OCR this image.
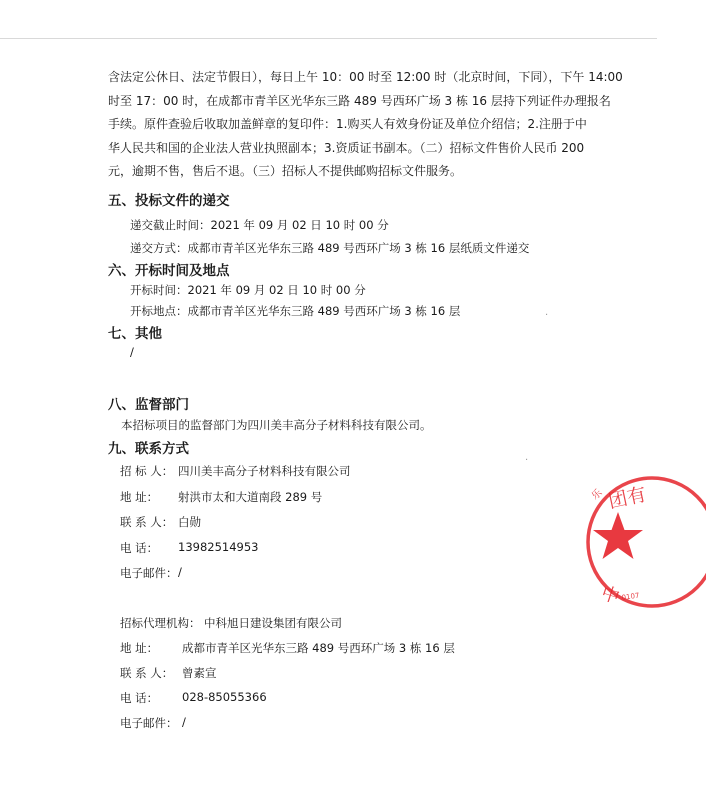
含法定公休日、法定节假日），每日上午 10：00 时至 12:00 时（北京时间，下同），下午 14:00
时至 17：00 时，在成都市青羊区光华东三路 489 号西环广场 3 栋 16 层持下列证件办理报名
手续。原件查验后收取加盖鲜章的复印件：1.购买人有效身份证及单位介绍信；2.注册于中
华人民共和国的企业法人营业执照副本；3.资质证书副本。（二）招标文件售价人民币 200
元，逾期不售，售后不退。（三）招标人不提供邮购招标文件服务。
五、投标文件的递交
递交截止时间：2021 年 09 月 02 日 10 时 00 分
递交方式：成都市青羊区光华东三路 489 号西环广场 3 栋 16 层纸质文件递交
六、开标时间及地点
开标时间：2021 年 09 月 02 日 10 时 00 分
开标地点：成都市青羊区光华东三路 489 号西环广场 3 栋 16 层
七、其他
/
八、监督部门
本招标项目的监督部门为四川美丰高分子材料科技有限公司。
九、联系方式
招 标 人： 四川美丰高分子材料科技有限公司
地 址： 射洪市太和大道南段 289 号
联 系 人： 白勋
电 话： 13982514953
电子邮件： /
招标代理机构： 中科旭日建设集团有限公司
地 址： 成都市青羊区光华东三路 489 号西环广场 3 栋 16 层
联 系 人： 曾素宣
电 话： 028-85055366
电子邮件： /
·
·
团有
乐
中 0107
